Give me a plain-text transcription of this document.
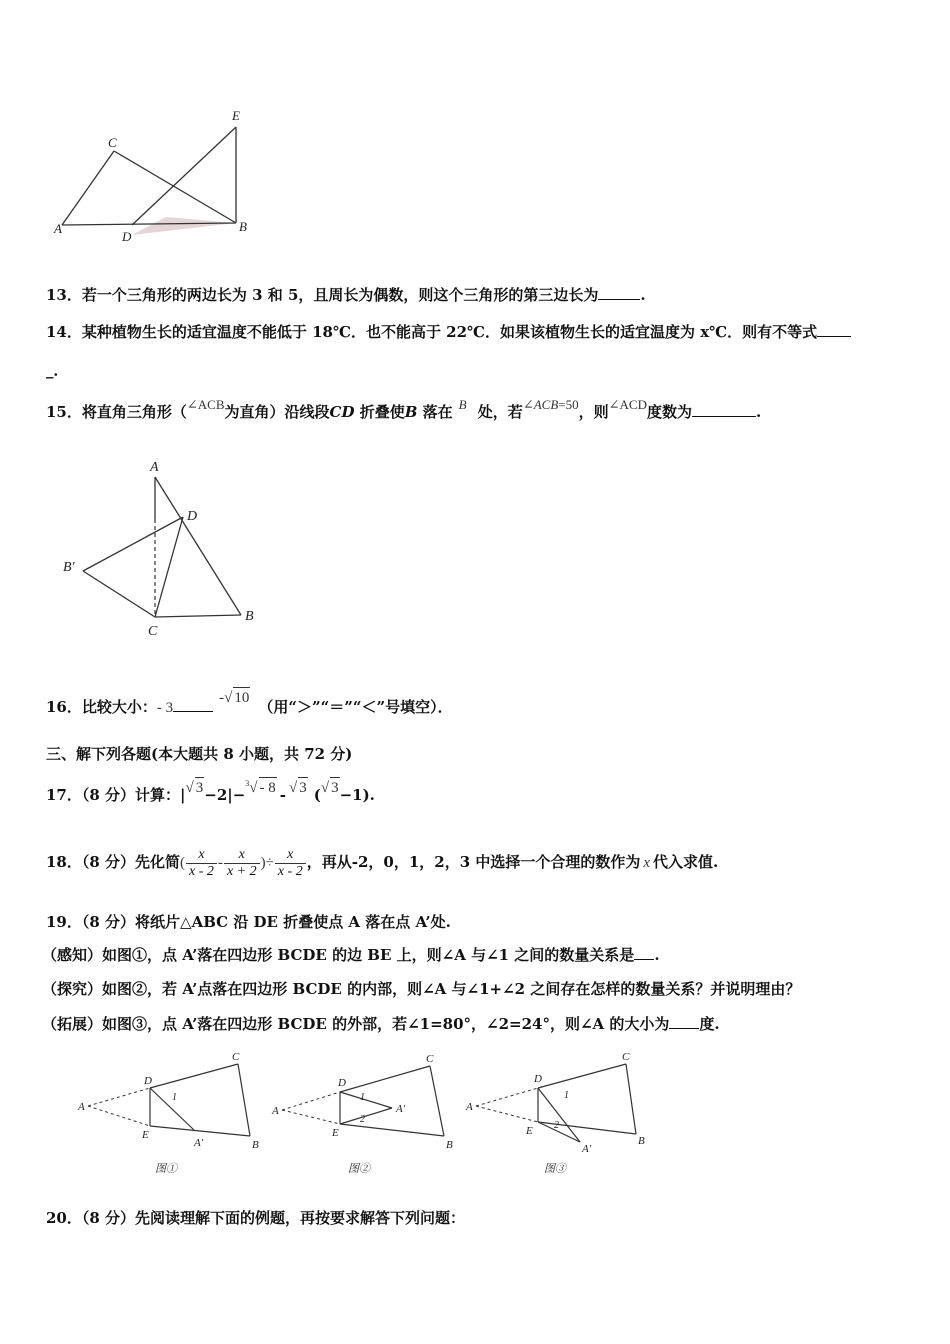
A
C
D
E
B
13．若一个三角形的两边长为 3 和 5，且周长为偶数，则这个三角形的第三边长为	.
14．某种植物生长的适宜温度不能低于 18℃．也不能高于 22℃．如果该植物生长的适宜温度为 x℃．则有不等式
_．
15．将直角三角形（∠ACB为直角）沿线段CD 折叠使B 落在 B 处，若∠ACB=50，则∠ACD度数为	.
A
D
B′
C
B
16．比较大小：- 3-√ 10 （用“＞”“＝”“＜”号填空）．
三、解下列各题(本大题共 8 小题，共 72 分)
17．（8 分）计算：|√ 3−2|−$^3$√ - 8 - √ 3 (√ 3−1).
18．（8 分）先化简( $\frac{x}{x - 2} - \frac{x}{x + 2}$ )÷ $\frac{x}{x - 2}$ ，再从-2，0，1，2，3 中选择一个合理的数作为 x 代入求值.
19．（8 分）将纸片△ABC 沿 DE 折叠使点 A 落在点 A’处.
（感知）如图①，点 A’落在四边形 BCDE 的边 BE 上，则∠A 与∠1 之间的数量关系是 .
（探究）如图②，若 A’点落在四边形 BCDE 的内部，则∠A 与∠1+∠2 之间存在怎样的数量关系？并说明理由？
（拓展）如图③，点 A’落在四边形 BCDE 的外部，若∠1=80°，∠2=24°，则∠A 的大小为 度.
A
D
E
A′
C
B
1
图①
A
D
E
A′
C
B
1
2
图②
A
D
E
A′
C
B
1
2
图③
20．（8 分）先阅读理解下面的例题，再按要求解答下列问题：
